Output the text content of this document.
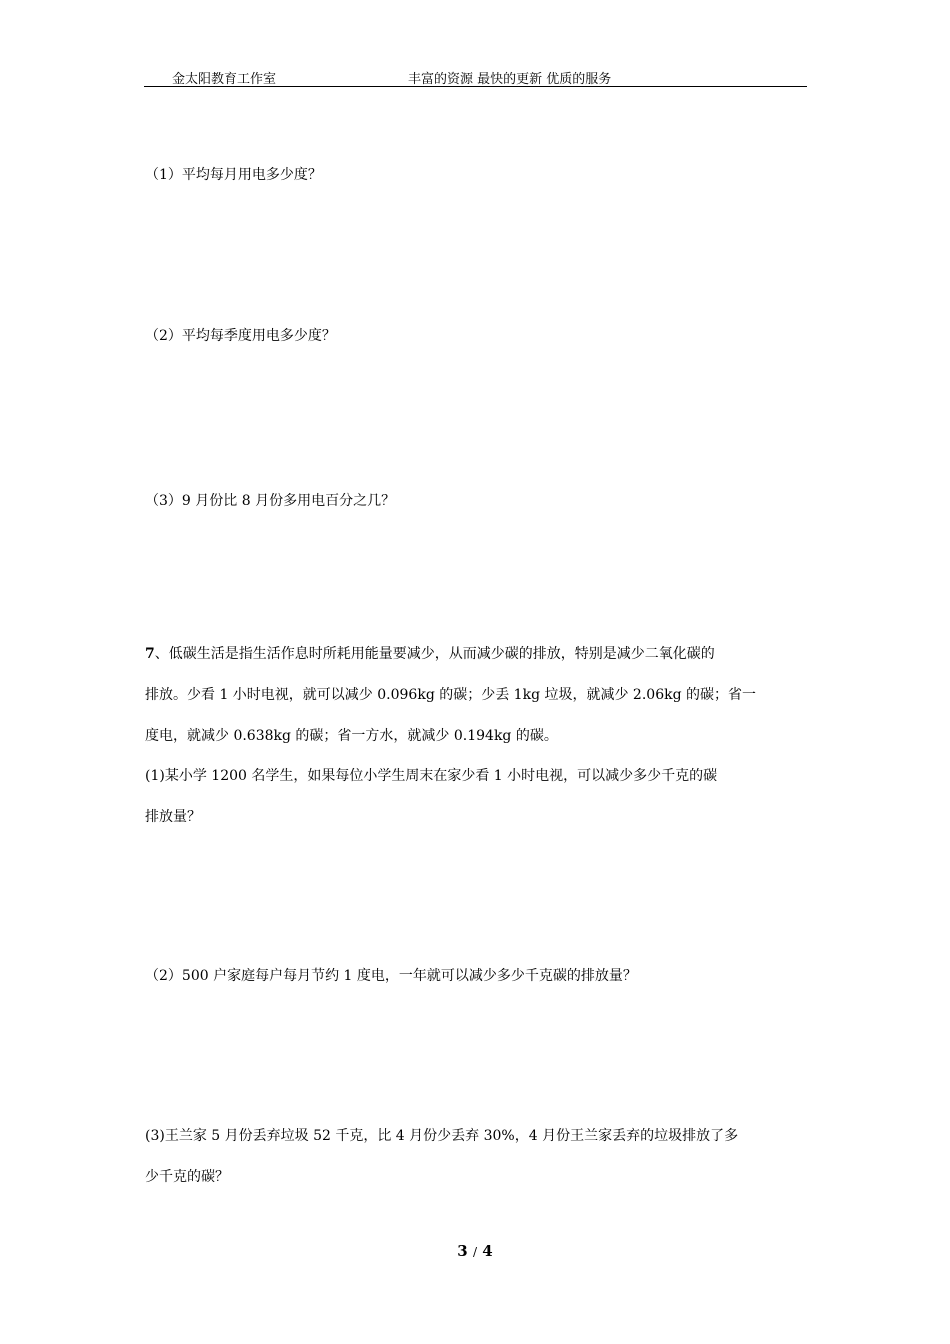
金太阳教育工作室	丰富的资源 最快的更新 优质的服务
（1）平均每月用电多少度？
（2）平均每季度用电多少度？
（3）9 月份比 8 月份多用电百分之几？
7、低碳生活是指生活作息时所耗用能量要减少，从而减少碳的排放，特别是减少二氧化碳的
排放。少看 1 小时电视，就可以减少 0.096kg 的碳；少丢 1kg 垃圾，就减少 2.06kg 的碳；省一
度电，就减少 0.638kg 的碳；省一方水，就减少 0.194kg 的碳。
(1)某小学 1200 名学生，如果每位小学生周末在家少看 1 小时电视，可以减少多少千克的碳
排放量？
（2）500 户家庭每户每月节约 1 度电，一年就可以减少多少千克碳的排放量？
(3)王兰家 5 月份丢弃垃圾 52 千克，比 4 月份少丢弃 30%，4 月份王兰家丢弃的垃圾排放了多
少千克的碳？
3 / 4
